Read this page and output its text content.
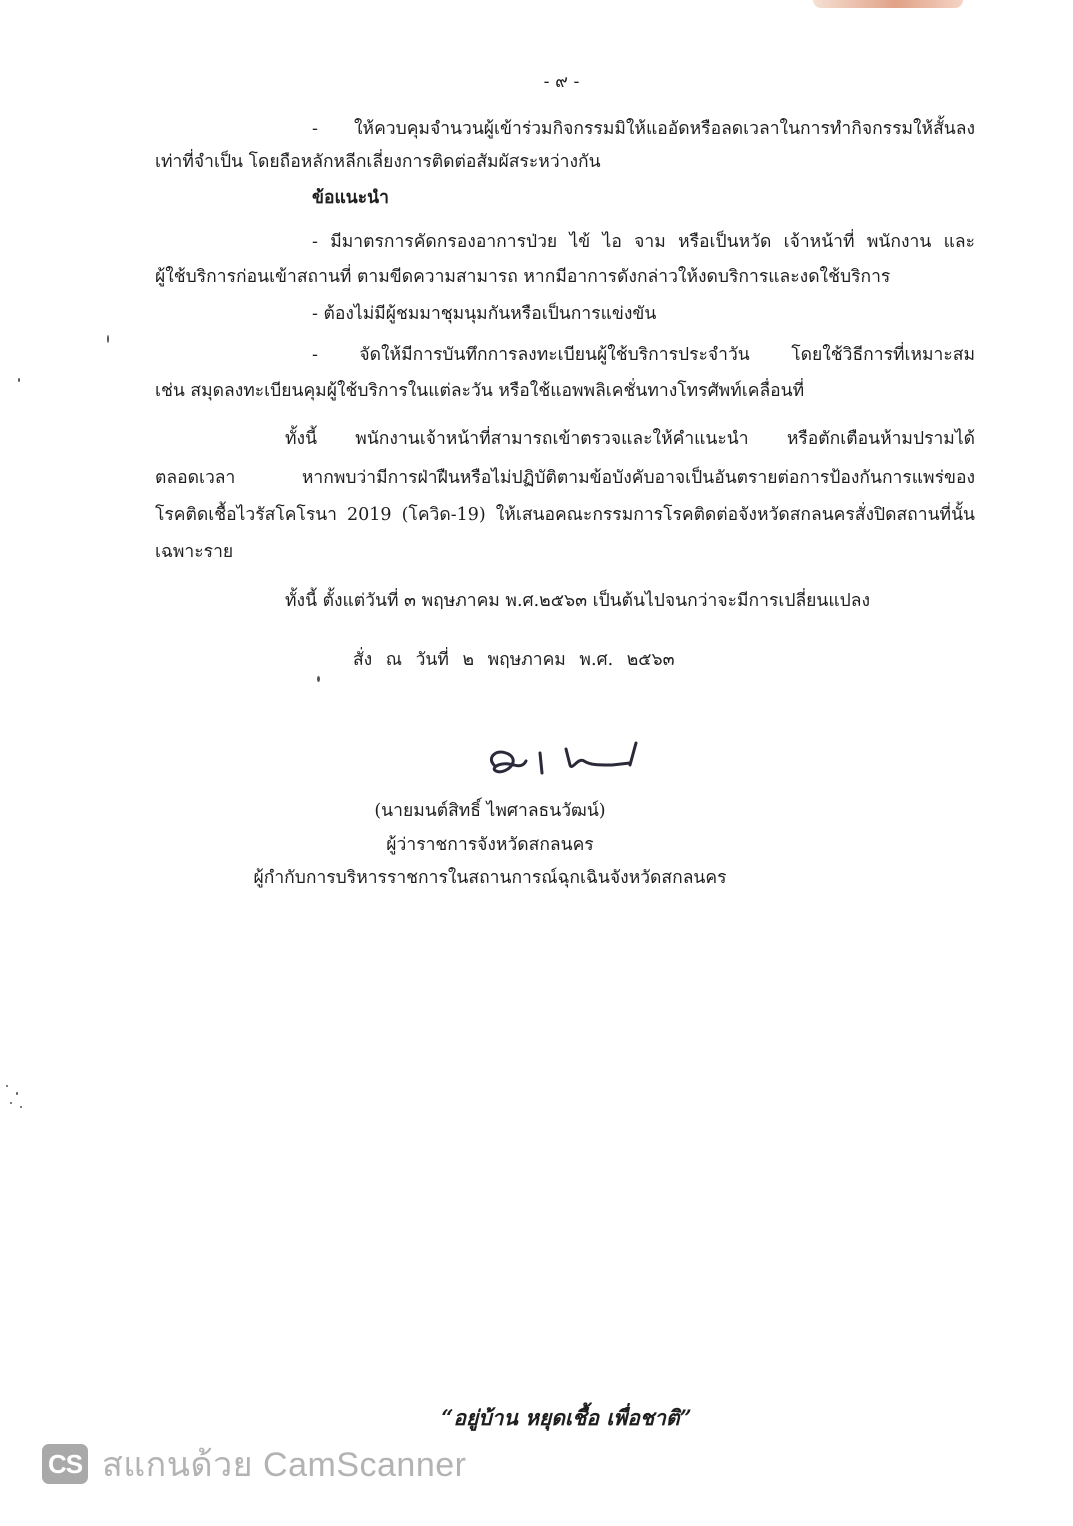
- ๙ -
- ให้ควบคุมจำนวนผู้เข้าร่วมกิจกรรมมิให้แออัดหรือลดเวลาในการทำกิจกรรมให้สั้นลง
เท่าที่จำเป็น โดยถือหลักหลีกเลี่ยงการติดต่อสัมผัสระหว่างกัน
ข้อแนะนำ
- มีมาตรการคัดกรองอาการป่วย ไข้ ไอ จาม หรือเป็นหวัด เจ้าหน้าที่ พนักงาน และ
ผู้ใช้บริการก่อนเข้าสถานที่ ตามขีดความสามารถ หากมีอาการดังกล่าวให้งดบริการและงดใช้บริการ
- ต้องไม่มีผู้ชมมาชุมนุมกันหรือเป็นการแข่งขัน
- จัดให้มีการบันทึกการลงทะเบียนผู้ใช้บริการประจำวัน โดยใช้วิธีการที่เหมาะสม
เช่น สมุดลงทะเบียนคุมผู้ใช้บริการในแต่ละวัน หรือใช้แอพพลิเคชั่นทางโทรศัพท์เคลื่อนที่
ทั้งนี้ พนักงานเจ้าหน้าที่สามารถเข้าตรวจและให้คำแนะนำ หรือตักเตือนห้ามปรามได้
ตลอดเวลา หากพบว่ามีการฝ่าฝืนหรือไม่ปฏิบัติตามข้อบังคับอาจเป็นอันตรายต่อการป้องกันการแพร่ของ
โรคติดเชื้อไวรัสโคโรนา 2019 (โควิด-19) ให้เสนอคณะกรรมการโรคติดต่อจังหวัดสกลนครสั่งปิดสถานที่นั้น
เฉพาะราย
ทั้งนี้ ตั้งแต่วันที่ ๓ พฤษภาคม พ.ศ.๒๕๖๓ เป็นต้นไปจนกว่าจะมีการเปลี่ยนแปลง
สั่ง ณ วันที่ ๒ พฤษภาคม พ.ศ. ๒๕๖๓
(นายมนต์สิทธิ์ ไพศาลธนวัฒน์)
ผู้ว่าราชการจังหวัดสกลนคร
ผู้กำกับการบริหารราชการในสถานการณ์ฉุกเฉินจังหวัดสกลนคร
“อยู่บ้าน หยุดเชื้อ เพื่อชาติ”
CS สแกนด้วย CamScanner
